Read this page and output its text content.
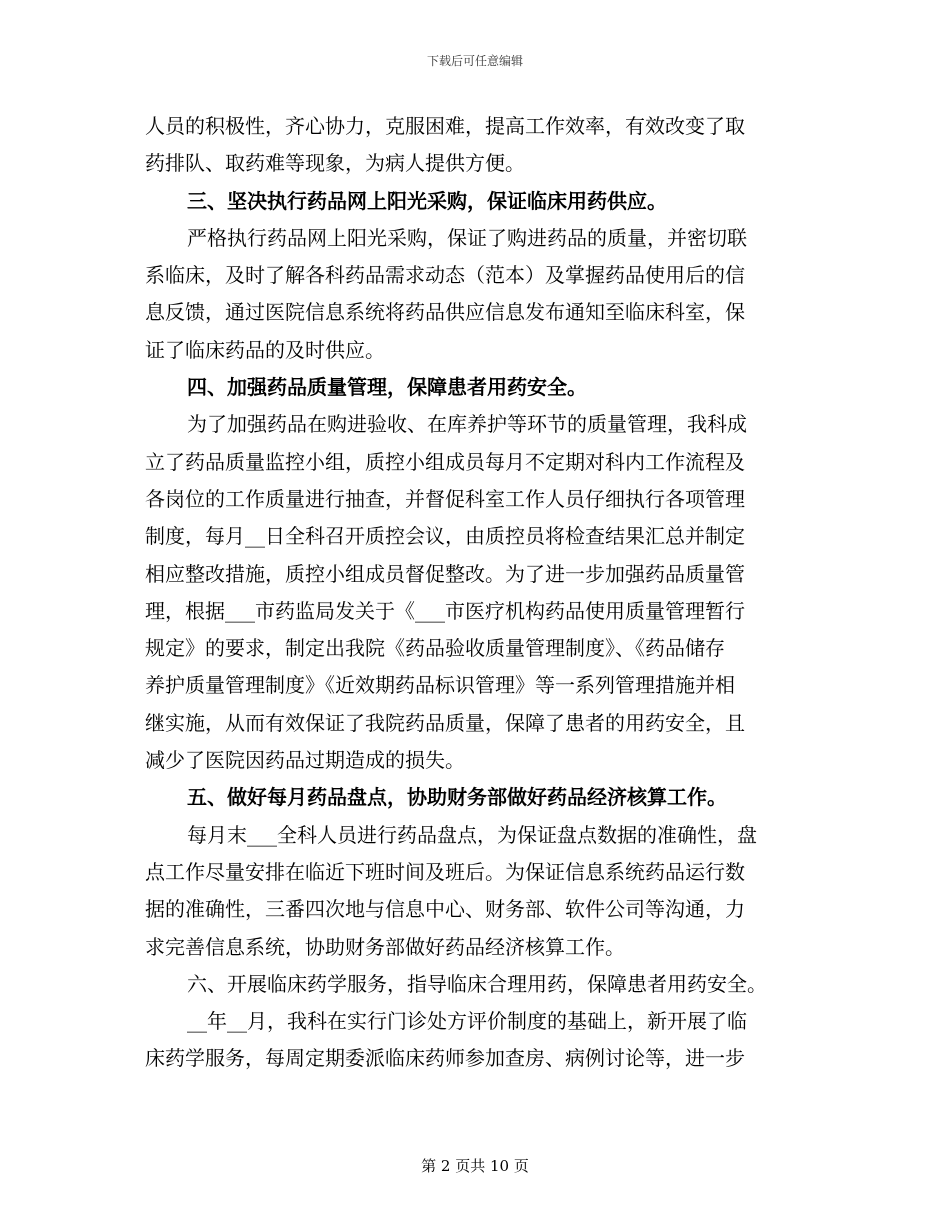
下载后可任意编辑
人员的积极性，齐心协力，克服困难，提高工作效率，有效改变了取
药排队、取药难等现象，为病人提供方便。
三、坚决执行药品网上阳光采购，保证临床用药供应。
严格执行药品网上阳光采购，保证了购进药品的质量，并密切联
系临床，及时了解各科药品需求动态（范本）及掌握药品使用后的信
息反馈，通过医院信息系统将药品供应信息发布通知至临床科室，保
证了临床药品的及时供应。
四、加强药品质量管理，保障患者用药安全。
为了加强药品在购进验收、在库养护等环节的质量管理，我科成
立了药品质量监控小组，质控小组成员每月不定期对科内工作流程及
各岗位的工作质量进行抽查，并督促科室工作人员仔细执行各项管理
制度，每月__日全科召开质控会议，由质控员将检查结果汇总并制定
相应整改措施，质控小组成员督促整改。为了进一步加强药品质量管
理，根据___市药监局发关于《___市医疗机构药品使用质量管理暂行
规定》的要求，制定出我院《药品验收质量管理制度》、《药品储存
养护质量管理制度》《近效期药品标识管理》等一系列管理措施并相
继实施，从而有效保证了我院药品质量，保障了患者的用药安全，且
减少了医院因药品过期造成的损失。
五、做好每月药品盘点，协助财务部做好药品经济核算工作。
每月末___全科人员进行药品盘点，为保证盘点数据的准确性，盘
点工作尽量安排在临近下班时间及班后。为保证信息系统药品运行数
据的准确性，三番四次地与信息中心、财务部、软件公司等沟通，力
求完善信息系统，协助财务部做好药品经济核算工作。
六、开展临床药学服务，指导临床合理用药，保障患者用药安全。
__年__月，我科在实行门诊处方评价制度的基础上，新开展了临
床药学服务，每周定期委派临床药师参加查房、病例讨论等，进一步
第 2 页共 10 页
